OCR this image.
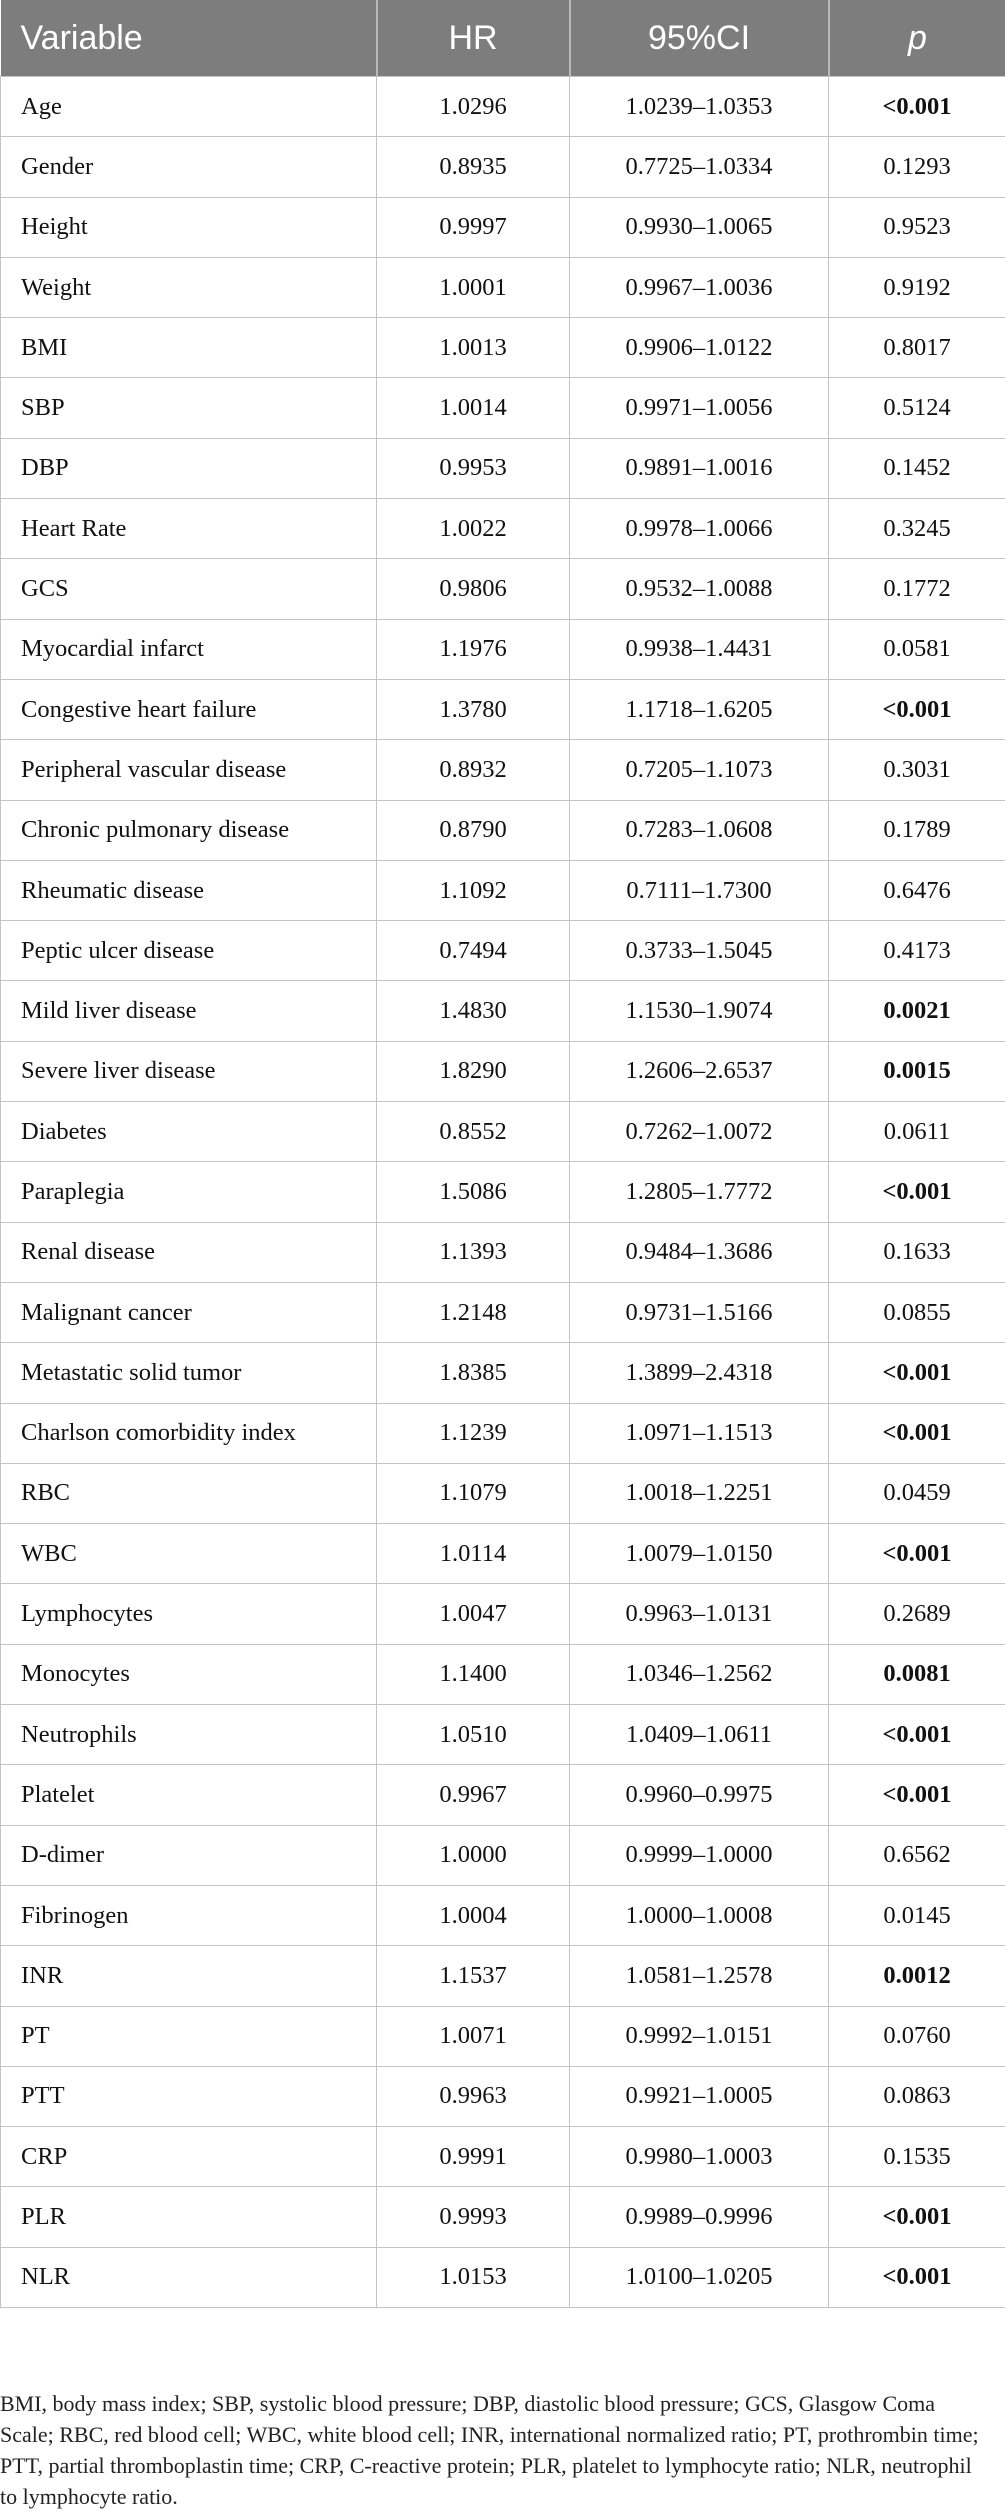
Variable	HR	95%CI	p
Age	1.0296	1.0239–1.0353	<0.001
Gender	0.8935	0.7725–1.0334	0.1293
Height	0.9997	0.9930–1.0065	0.9523
Weight	1.0001	0.9967–1.0036	0.9192
BMI	1.0013	0.9906–1.0122	0.8017
SBP	1.0014	0.9971–1.0056	0.5124
DBP	0.9953	0.9891–1.0016	0.1452
Heart Rate	1.0022	0.9978–1.0066	0.3245
GCS	0.9806	0.9532–1.0088	0.1772
Myocardial infarct	1.1976	0.9938–1.4431	0.0581
Congestive heart failure	1.3780	1.1718–1.6205	<0.001
Peripheral vascular disease	0.8932	0.7205–1.1073	0.3031
Chronic pulmonary disease	0.8790	0.7283–1.0608	0.1789
Rheumatic disease	1.1092	0.7111–1.7300	0.6476
Peptic ulcer disease	0.7494	0.3733–1.5045	0.4173
Mild liver disease	1.4830	1.1530–1.9074	0.0021
Severe liver disease	1.8290	1.2606–2.6537	0.0015
Diabetes	0.8552	0.7262–1.0072	0.0611
Paraplegia	1.5086	1.2805–1.7772	<0.001
Renal disease	1.1393	0.9484–1.3686	0.1633
Malignant cancer	1.2148	0.9731–1.5166	0.0855
Metastatic solid tumor	1.8385	1.3899–2.4318	<0.001
Charlson comorbidity index	1.1239	1.0971–1.1513	<0.001
RBC	1.1079	1.0018–1.2251	0.0459
WBC	1.0114	1.0079–1.0150	<0.001
Lymphocytes	1.0047	0.9963–1.0131	0.2689
Monocytes	1.1400	1.0346–1.2562	0.0081
Neutrophils	1.0510	1.0409–1.0611	<0.001
Platelet	0.9967	0.9960–0.9975	<0.001
D-dimer	1.0000	0.9999–1.0000	0.6562
Fibrinogen	1.0004	1.0000–1.0008	0.0145
INR	1.1537	1.0581–1.2578	0.0012
PT	1.0071	0.9992–1.0151	0.0760
PTT	0.9963	0.9921–1.0005	0.0863
CRP	0.9991	0.9980–1.0003	0.1535
PLR	0.9993	0.9989–0.9996	<0.001
NLR	1.0153	1.0100–1.0205	<0.001
BMI, body mass index; SBP, systolic blood pressure; DBP, diastolic blood pressure; GCS, Glasgow Coma Scale; RBC, red blood cell; WBC, white blood cell; INR, international normalized ratio; PT, prothrombin time; PTT, partial thromboplastin time; CRP, C-reactive protein; PLR, platelet to lymphocyte ratio; NLR, neutrophil to lymphocyte ratio.
